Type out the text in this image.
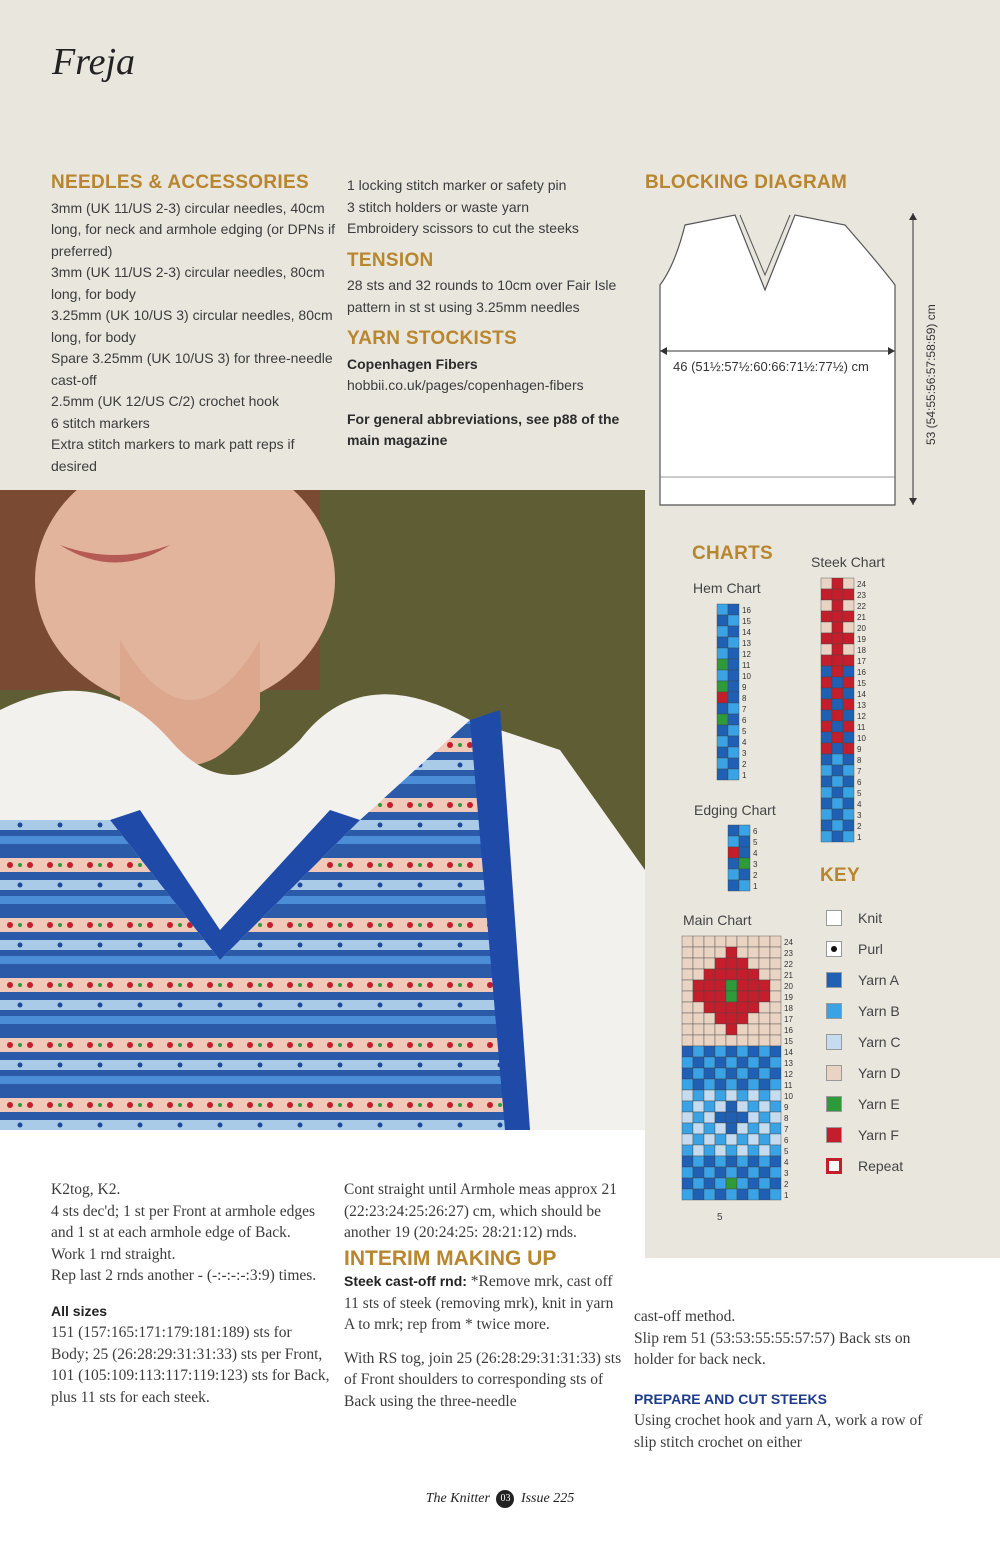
Freja
NEEDLES & ACCESSORIES

3mm (UK 11/US 2-3) circular needles, 40cm long, for neck and armhole edging (or DPNs if preferred)

3mm (UK 11/US 2-3) circular needles, 80cm long, for body

3.25mm (UK 10/US 3) circular needles, 80cm long, for body

Spare 3.25mm (UK 10/US 3) for three-needle cast-off

2.5mm (UK 12/US C/2) crochet hook

6 stitch markers

Extra stitch markers to mark patt reps if desired

1 locking stitch marker or safety pin

3 stitch holders or waste yarn

Embroidery scissors to cut the steeks

TENSION

28 sts and 32 rounds to 10cm over Fair Isle pattern in st st using 3.25mm needles

YARN STOCKISTS

Copenhagen Fibers

hobbii.co.uk/pages/copenhagen-fibers

For general abbreviations, see p88 of the main magazine

BLOCKING DIAGRAM
46 (51½:57½:60:66:71½:77½) cm	53 (54:55:56:57:58:59) cm
CHARTS
Hem Chart
Steek Chart
Edging Chart
Main Chart
5
16
15
14
13
12
11
10
9
8
7
6
5
4
3
2
1
24
23
22
21
20
19
18
17
16
15
14
13
12
11
10
9
8
7
6
5
4
3
2
1
6
5
4
3
2
1
24
23
22
21
20
19
18
17
16
15
14
13
12
11
10
9
8
7
6
5
4
3
2
1
KEY
Knit
Purl
Yarn A
Yarn B
Yarn C
Yarn D
Yarn E
Yarn F
Repeat

K2tog, K2.

4 sts dec'd; 1 st per Front at armhole edges and 1 st at each armhole edge of Back.

Work 1 rnd straight.

Rep last 2 rnds another - (-:-:-:-:3:9) times.

All sizes

151 (157:165:171:179:181:189) sts for Body; 25 (26:28:29:31:31:33) sts per Front, 101 (105:109:113:117:119:123) sts for Back, plus 11 sts for each steek.

Cont straight until Armhole meas approx 21 (22:23:24:25:26:27) cm, which should be another 19 (20:24:25: 28:21:12) rnds.

INTERIM MAKING UP

Steek cast-off rnd: *Remove mrk, cast off 11 sts of steek (removing mrk), knit in yarn A to mrk; rep from * twice more.

With RS tog, join 25 (26:28:29:31:31:33) sts of Front shoulders to corresponding sts of Back using the three-needle

cast-off method.

Slip rem 51 (53:53:55:55:57:57) Back sts on holder for back neck.

PREPARE AND CUT STEEKS

Using crochet hook and yarn A, work a row of slip stitch crochet on either

The Knitter 03 Issue 225
